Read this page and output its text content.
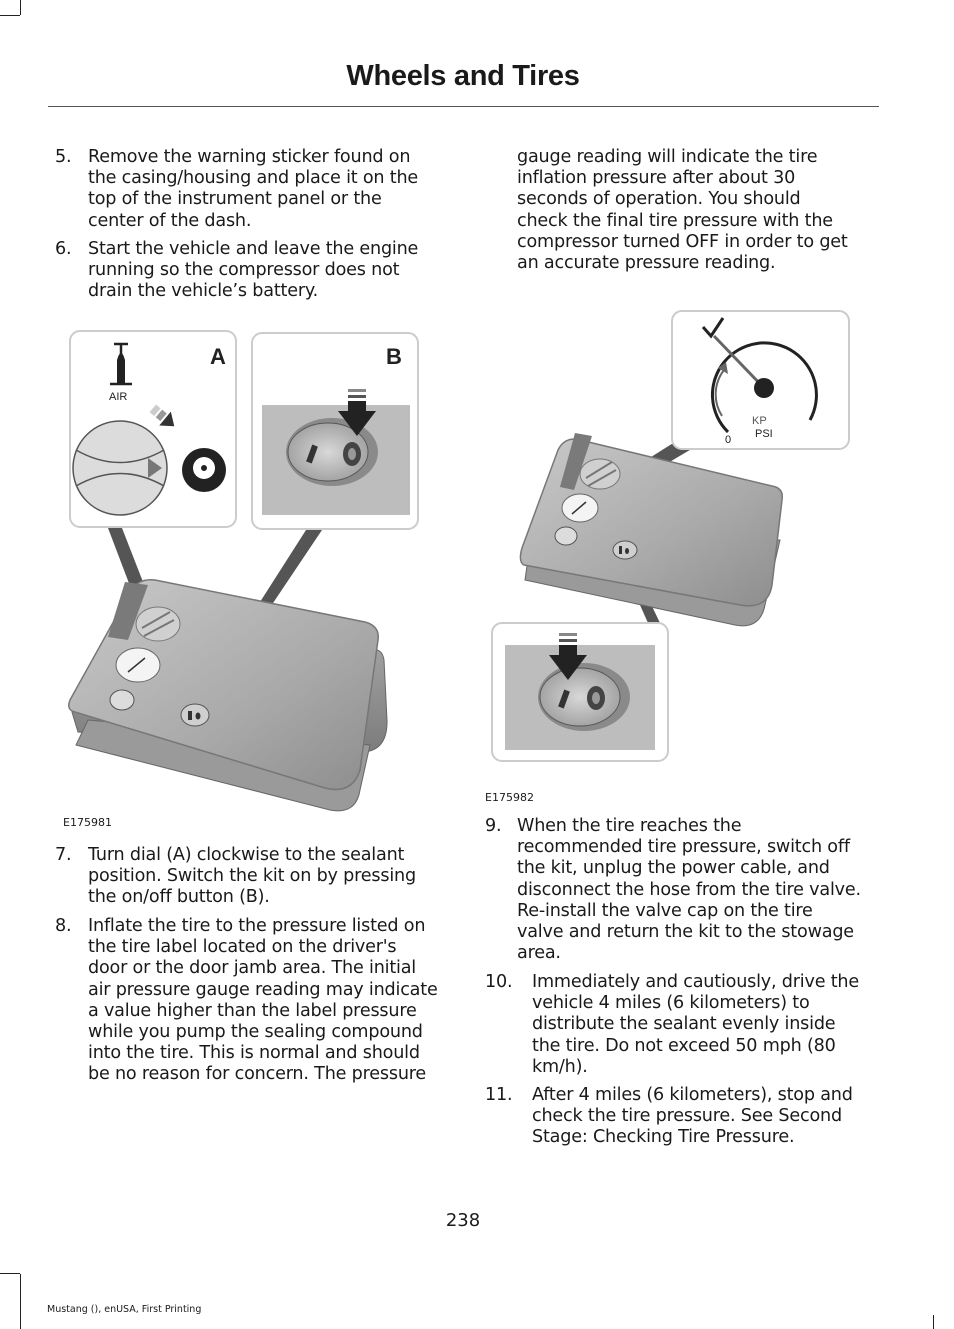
Wheels and Tires
5. Remove the warning sticker found on
the casing/housing and place it on the
top of the instrument panel or the
center of the dash.
6. Start the vehicle and leave the engine
running so the compressor does not
drain the vehicle’s battery.
A
AIR
B
E175981
7. Turn dial (A) clockwise to the sealant
position. Switch the kit on by pressing
the on/off button (B).
8. Inflate the tire to the pressure listed on
the tire label located on the driver's
door or the door jamb area. The initial
air pressure gauge reading may indicate
a value higher than the label pressure
while you pump the sealing compound
into the tire. This is normal and should
be no reason for concern. The pressure
gauge reading will indicate the tire
inflation pressure after about 30
seconds of operation. You should
check the final tire pressure with the
compressor turned OFF in order to get
an accurate pressure reading.
KP
PSI
0
E175982
9. When the tire reaches the
recommended tire pressure, switch off
the kit, unplug the power cable, and
disconnect the hose from the tire valve.
Re-install the valve cap on the tire
valve and return the kit to the stowage
area.
10. Immediately and cautiously, drive the
vehicle 4 miles (6 kilometers) to
distribute the sealant evenly inside
the tire. Do not exceed 50 mph (80
km/h).
11. After 4 miles (6 kilometers), stop and
check the tire pressure. See Second
Stage: Checking Tire Pressure.
238
Mustang (), enUSA, First Printing
